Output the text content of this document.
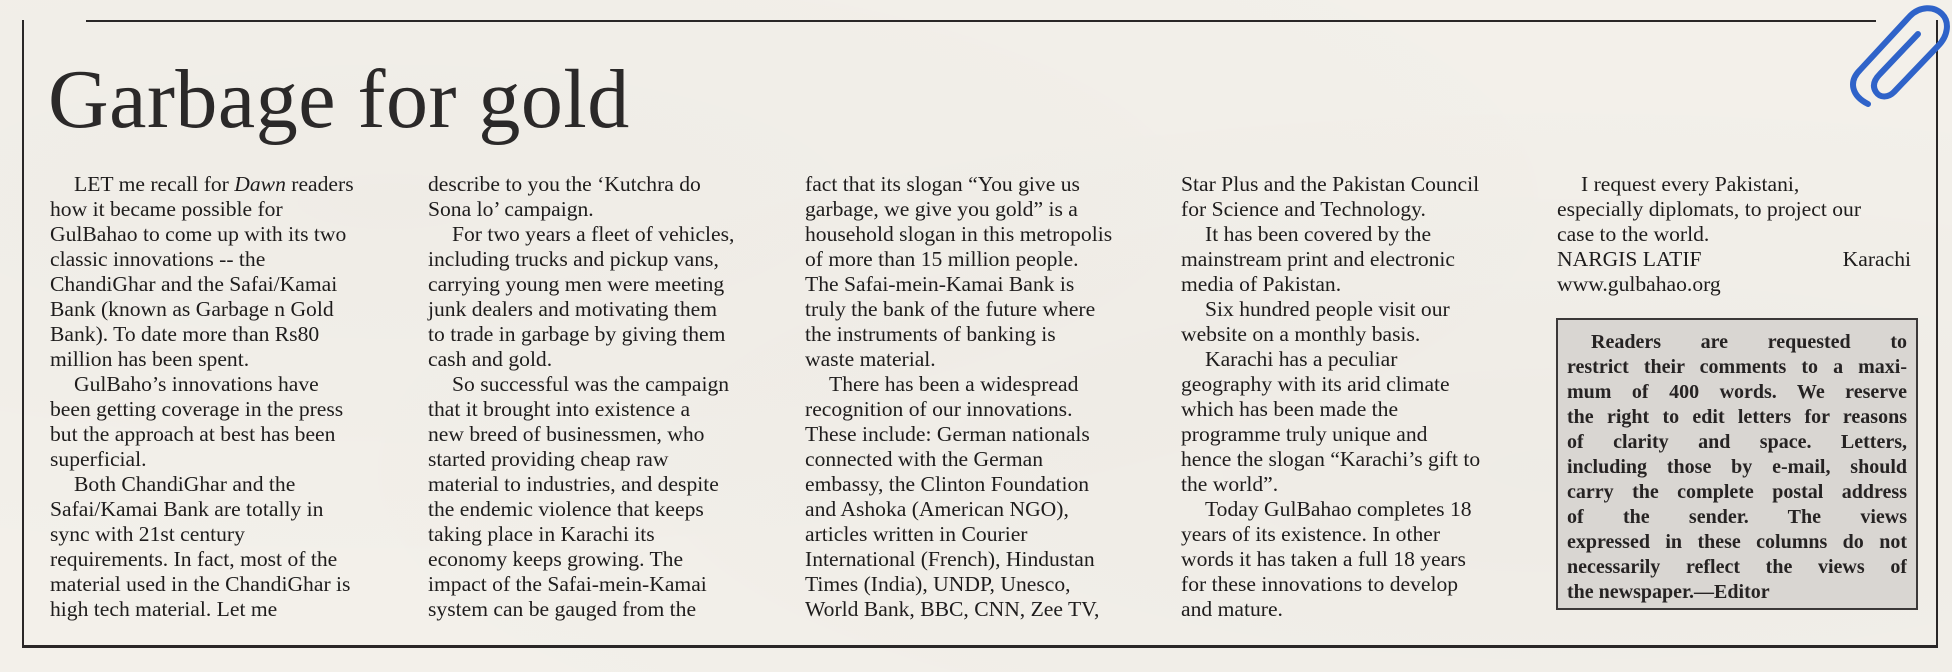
Garbage for gold
LET me recall for Dawn readers
how it became possible for
GulBahao to come up with its two
classic innovations -- the
ChandiGhar and the Safai/Kamai
Bank (known as Garbage n Gold
Bank). To date more than Rs80
million has been spent.
GulBaho’s innovations have
been getting coverage in the press
but the approach at best has been
superficial.
Both ChandiGhar and the
Safai/Kamai Bank are totally in
sync with 21st century
requirements. In fact, most of the
material used in the ChandiGhar is
high tech material. Let me
describe to you the ‘Kutchra do
Sona lo’ campaign.
For two years a fleet of vehicles,
including trucks and pickup vans,
carrying young men were meeting
junk dealers and motivating them
to trade in garbage by giving them
cash and gold.
So successful was the campaign
that it brought into existence a
new breed of businessmen, who
started providing cheap raw
material to industries, and despite
the endemic violence that keeps
taking place in Karachi its
economy keeps growing. The
impact of the Safai-mein-Kamai
system can be gauged from the
fact that its slogan “You give us
garbage, we give you gold” is a
household slogan in this metropolis
of more than 15 million people.
The Safai-mein-Kamai Bank is
truly the bank of the future where
the instruments of banking is
waste material.
There has been a widespread
recognition of our innovations.
These include: German nationals
connected with the German
embassy, the Clinton Foundation
and Ashoka (American NGO),
articles written in Courier
International (French), Hindustan
Times (India), UNDP, Unesco,
World Bank, BBC, CNN, Zee TV,
Star Plus and the Pakistan Council
for Science and Technology.
It has been covered by the
mainstream print and electronic
media of Pakistan.
Six hundred people visit our
website on a monthly basis.
Karachi has a peculiar
geography with its arid climate
which has been made the
programme truly unique and
hence the slogan “Karachi’s gift to
the world”.
Today GulBahao completes 18
years of its existence. In other
words it has taken a full 18 years
for these innovations to develop
and mature.
I request every Pakistani,
especially diplomats, to project our
case to the world.
NARGIS LATIF	Karachi
www.gulbahao.org
Readers are requested to
restrict their comments to a maxi-
mum of 400 words. We reserve
the right to edit letters for reasons
of clarity and space. Letters,
including those by e-mail, should
carry the complete postal address
of the sender. The views
expressed in these columns do not
necessarily reflect the views of
the newspaper.—Editor
